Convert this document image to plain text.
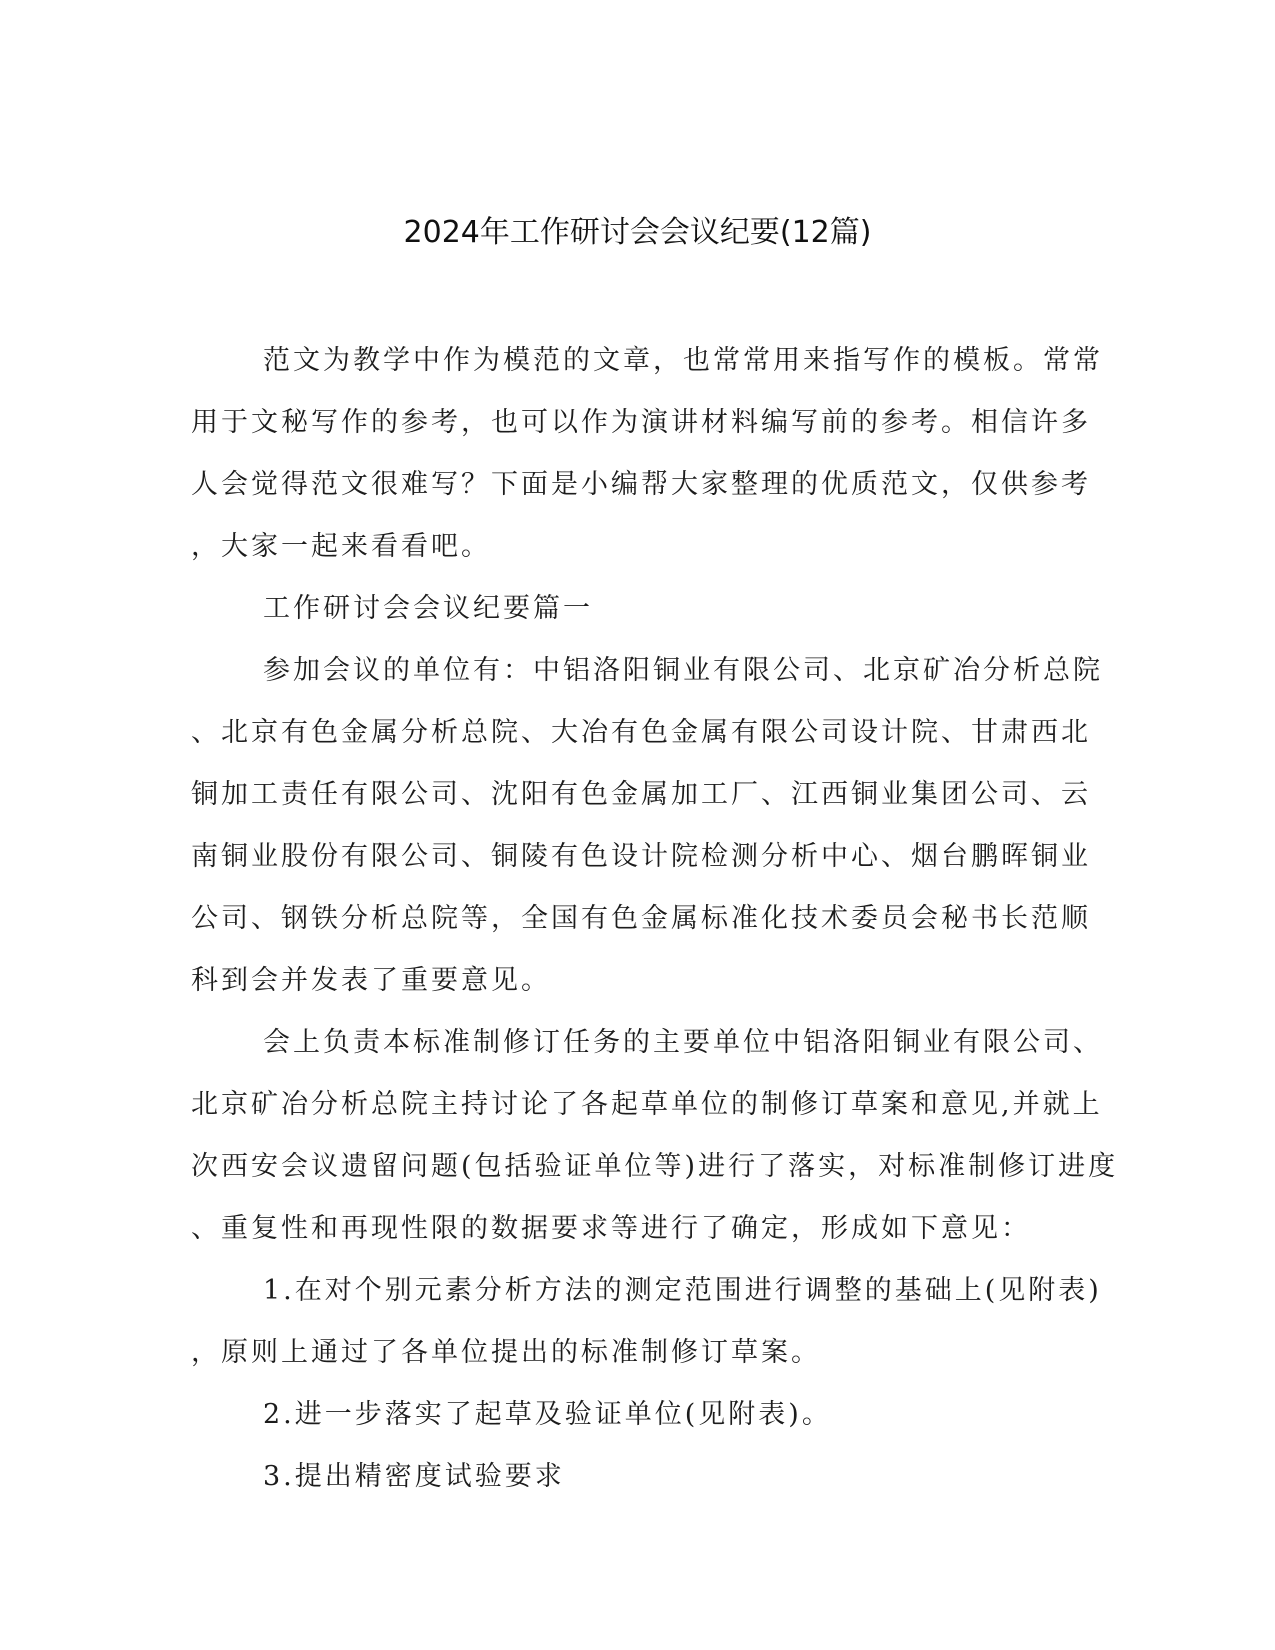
2024年工作研讨会会议纪要(12篇)

范文为教学中作为模范的文章，也常常用来指写作的模板。常常
用于文秘写作的参考，也可以作为演讲材料编写前的参考。相信许多
人会觉得范文很难写？下面是小编帮大家整理的优质范文，仅供参考
，大家一起来看看吧。

工作研讨会会议纪要篇一

参加会议的单位有：中铝洛阳铜业有限公司、北京矿冶分析总院
、北京有色金属分析总院、大冶有色金属有限公司设计院、甘肃西北
铜加工责任有限公司、沈阳有色金属加工厂、江西铜业集团公司、云
南铜业股份有限公司、铜陵有色设计院检测分析中心、烟台鹏晖铜业
公司、钢铁分析总院等，全国有色金属标准化技术委员会秘书长范顺
科到会并发表了重要意见。

会上负责本标准制修订任务的主要单位中铝洛阳铜业有限公司、
北京矿冶分析总院主持讨论了各起草单位的制修订草案和意见,并就上
次西安会议遗留问题(包括验证单位等)进行了落实，对标准制修订进度
、重复性和再现性限的数据要求等进行了确定，形成如下意见：

1.在对个别元素分析方法的测定范围进行调整的基础上(见附表)
，原则上通过了各单位提出的标准制修订草案。

2.进一步落实了起草及验证单位(见附表)。

3.提出精密度试验要求
